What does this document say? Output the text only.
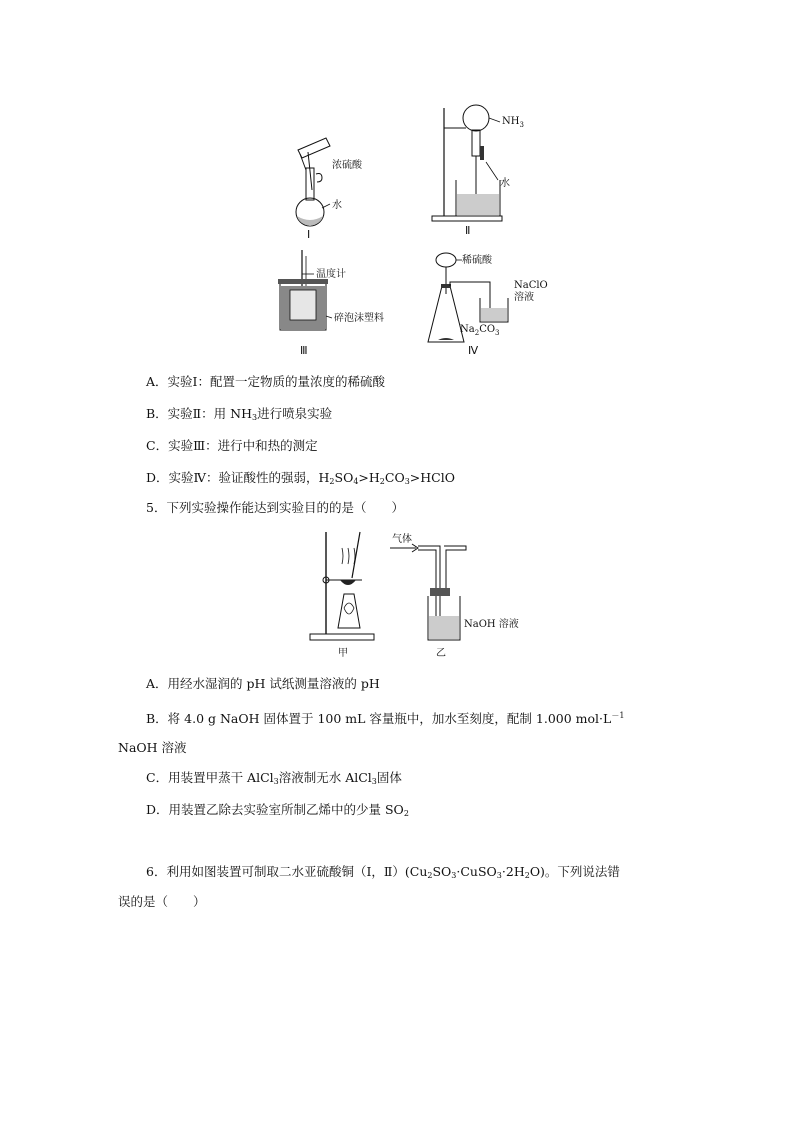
浓硫酸
水
Ⅰ
$NH_3$
水
Ⅱ
温度计
碎泡沫塑料
Ⅲ
稀硫酸
NaClO
溶液
$Na_2CO_3$
Ⅳ
A．实验Ⅰ：配置一定物质的量浓度的稀硫酸
B．实验Ⅱ：用 $NH_3$进行喷泉实验
C．实验Ⅲ：进行中和热的测定
D．实验Ⅳ：验证酸性的强弱，$H_2SO_4>H_2CO_3>HClO$
5．下列实验操作能达到实验目的的是（　　）
甲
气体
NaOH 溶液
乙
A．用经水湿润的 pH 试纸测量溶液的 pH
B．将 4.0 g NaOH 固体置于 100 mL 容量瓶中，加水至刻度，配制 1.000 $mol\cdot L^{-1}$
NaOH 溶液
C．用装置甲蒸干 AlCl$_3$溶液制无水 AlCl$_3$固体
D．用装置乙除去实验室所制乙烯中的少量 $SO_2$
6．利用如图装置可制取二水亚硫酸铜（Ⅰ，$Ⅱ)(Cu_2SO_3\cdot CuSO_3\cdot 2H_2O)$。下列说法错
误的是（　　）
